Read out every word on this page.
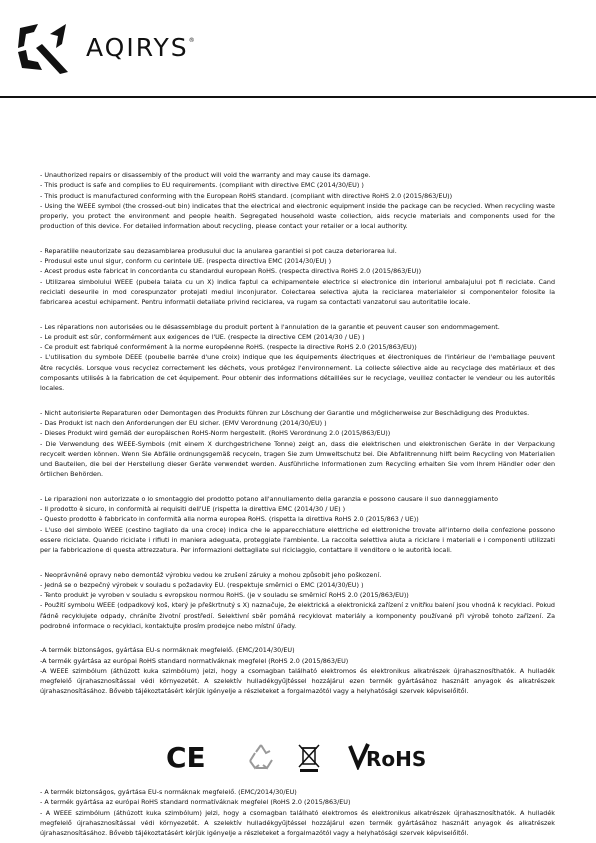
AQIRYS®

- Unauthorized repairs or disassembly of the product will void the warranty and may cause its damage.

- This product is safe and complies to EU requirements. (compliant with directive EMC (2014/30/EU) )

- This product is manufactured conforming with the European RoHS standard. (compliant with directive RoHS 2.0 (2015/863/EU))

- Using the WEEE symbol (the crossed-out bin) indicates that the electrical and electronic equipment inside the package can be recycled. When recycling waste properly, you protect the environment and people health. Segregated household waste collection, aids recycle materials and components used for the production of this device. For detailed information about recycling, please contact your retailer or a local authority.

- Reparatiile neautorizate sau dezasamblarea produsului duc la anularea garantiei si pot cauza deteriorarea lui.

- Produsul este unul sigur, conform cu cerintele UE. (respecta directiva EMC (2014/30/EU) )

- Acest produs este fabricat in concordanta cu standardul european RoHS. (respecta directiva RoHS 2.0 (2015/863/EU))

- Utilizarea simbolului WEEE (pubela taiata cu un X) indica faptul ca echipamentele electrice si electronice din interiorul ambalajului pot fi reciclate. Cand reciclati deseurile in mod corespunzator protejati mediul inconjurator. Colectarea selectiva ajuta la reciclarea materialelor si componentelor folosite la fabricarea acestui echipament. Pentru informatii detaliate privind reciclarea, va rugam sa contactati vanzatorul sau autoritatile locale.

- Les réparations non autorisées ou le désassemblage du produit portent à l'annulation de la garantie et peuvent causer son endommagement.

- Le produit est sûr, conformément aux exigences de l'UE. (respecte la directive CEM (2014/30 / UE) )

- Ce produit est fabriqué conformément à la norme européenne RoHS. (respecte la directive RoHS 2.0 (2015/863/EU))

- L'utilisation du symbole DEEE (poubelle barrée d'une croix) indique que les équipements électriques et électroniques de l'intérieur de l'emballage peuvent être recyclés. Lorsque vous recyclez correctement les déchets, vous protégez l'environnement. La collecte sélective aide au recyclage des matériaux et des composants utilisés à la fabrication de cet équipement. Pour obtenir des informations détaillées sur le recyclage, veuillez contacter le vendeur ou les autorités locales.

- Nicht autorisierte Reparaturen oder Demontagen des Produkts führen zur Löschung der Garantie und möglicherweise zur Beschädigung des Produktes.

- Das Produkt ist nach den Anforderungen der EU sicher. (EMV Verordnung (2014/30/EU) )

- Dieses Produkt wird gemäß der europäischen RoHS-Norm hergestellt. (RoHS Verordnung 2.0 (2015/863/EU))

- Die Verwendung des WEEE-Symbols (mit einem X durchgestrichene Tonne) zeigt an, dass die elektrischen und elektronischen Geräte in der Verpackung recycelt werden können. Wenn Sie Abfälle ordnungsgemäß recyceln, tragen Sie zum Umweltschutz bei. Die Abfalltrennung hilft beim Recycling von Materialien und Bauteilen, die bei der Herstellung dieser Geräte verwendet werden. Ausführliche Informationen zum Recycling erhalten Sie vom Ihrem Händler oder den örtlichen Behörden.

- Le riparazioni non autorizzate o lo smontaggio del prodotto potano all'annullamento della garanzia e possono causare il suo danneggiamento

- Il prodotto è sicuro, in conformità ai requisiti dell'UE (rispetta la direttiva EMC (2014/30 / UE) )

- Questo prodotto è fabbricato in conformità alla norma europea RoHS. (rispetta la direttiva RoHS 2.0 (2015/863 / UE))

- L'uso del simbolo WEEE (cestino tagliato da una croce) indica che le apparecchiature elettriche ed elettroniche trovate all'interno della confezione possono essere riciclate. Quando riciclate i rifiuti in maniera adeguata, proteggiate l'ambiente. La raccolta selettiva aiuta a riciclare i materiali e i componenti utilizzati per la fabbricazione di questa attrezzatura. Per informazioni dettagliate sul riciclaggio, contattare il venditore o le autorità locali.

- Neoprávněné opravy nebo demontáž výrobku vedou ke zrušení záruky a mohou způsobit jeho poškození.

- Jedná se o bezpečný výrobek v souladu s požadavky EU. (respektuje směrnici o EMC (2014/30/EU) )

- Tento produkt je vyroben v souladu s evropskou normou RoHS. (je v souladu se směrnicí RoHS 2.0 (2015/863/EU))

- Použití symbolu WEEE (odpadkový koš, který je přeškrtnutý s X) naznačuje, že elektrická a elektronická zařízení z vnitřku balení jsou vhodná k recyklaci. Pokud řádně recyklujete odpady, chráníte životní prostředí. Selektivní sběr pomáhá recyklovat materiály a komponenty používané při výrobě tohoto zařízení. Za podrobné informace o recyklaci, kontaktujte prosím prodejce nebo místní úřady.

-A termék biztonságos, gyártása EU-s normáknak megfelelő. (EMC/2014/30/EU)

-A termék gyártása az európai RoHS standard normatíváknak megfelel (RoHS 2.0 (2015/863/EU)

-A WEEE szimbólum (áthúzott kuka szimbólum) jelzi, hogy a csomagban található elektromos és elektronikus alkatrészek újrahasznosíthatók. A hulladék megfelelő újrahasznosítással védi környezetét. A szelektív hulladékgyűjtéssel hozzájárul ezen termék gyártásához használt anyagok és alkatrészek újrahasznosításához. Bővebb tájékoztatásért kérjük igényelje a részleteket a forgalmazótól vagy a helyhatósági szervek képviselőitől.

CE	RoHS

- A termék biztonságos, gyártása EU-s normáknak megfelelő. (EMC/2014/30/EU)

- A termék gyártása az európai RoHS standard normatíváknak megfelel (RoHS 2.0 (2015/863/EU)

- A WEEE szimbólum (áthúzott kuka szimbólum) jelzi, hogy a csomagban található elektromos és elektronikus alkatrészek újrahasznosíthatók. A hulladék megfelelő újrahasznosítással védi környezetét. A szelektív hulladékgyűjtéssel hozzájárul ezen termék gyártásához használt anyagok és alkatrészek újrahasznosításához. Bővebb tájékoztatásért kérjük igényelje a részleteket a forgalmazótól vagy a helyhatósági szervek képviselőitől.
